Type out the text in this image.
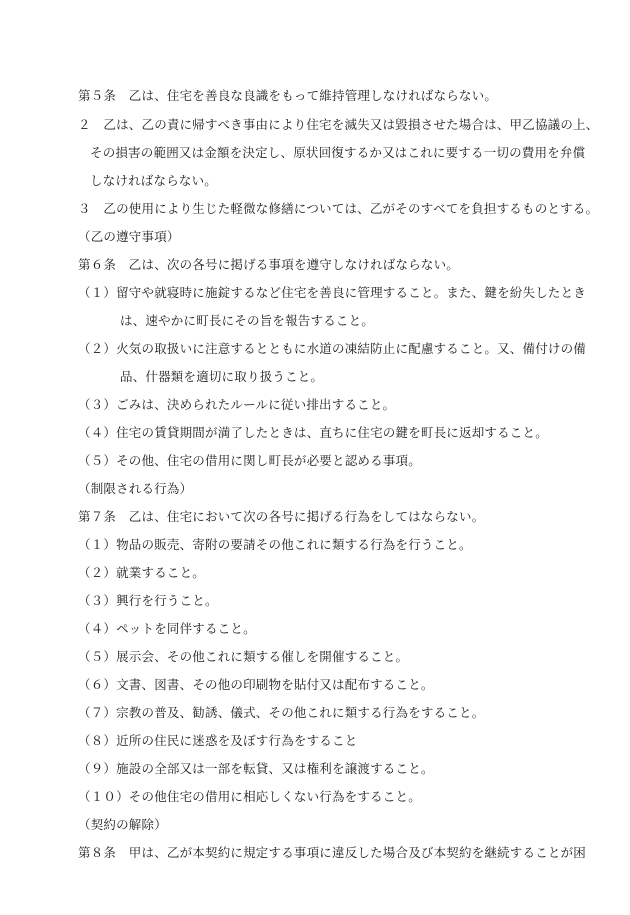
第５条　乙は、住宅を善良な良識をもって維持管理しなければならない。
２　乙は、乙の責に帰すべき事由により住宅を滅失又は毀損させた場合は、甲乙協議の上、
その損害の範囲又は金額を決定し、原状回復するか又はこれに要する一切の費用を弁償
しなければならない。
３　乙の使用により生じた軽微な修繕については、乙がそのすべてを負担するものとする。
（乙の遵守事項）
第６条　乙は、次の各号に掲げる事項を遵守しなければならない。
（１）留守や就寝時に施錠するなど住宅を善良に管理すること。また、鍵を紛失したとき
は、速やかに町長にその旨を報告すること。
（２）火気の取扱いに注意するとともに水道の凍結防止に配慮すること。又、備付けの備
品、什器類を適切に取り扱うこと。
（３）ごみは、決められたルールに従い排出すること。
（４）住宅の賃貸期間が満了したときは、直ちに住宅の鍵を町長に返却すること。
（５）その他、住宅の借用に関し町長が必要と認める事項。
（制限される行為）
第７条　乙は、住宅において次の各号に掲げる行為をしてはならない。
（１）物品の販売、寄附の要請その他これに類する行為を行うこと。
（２）就業すること。
（３）興行を行うこと。
（４）ペットを同伴すること。
（５）展示会、その他これに類する催しを開催すること。
（６）文書、図書、その他の印刷物を貼付又は配布すること。
（７）宗教の普及、勧誘、儀式、その他これに類する行為をすること。
（８）近所の住民に迷惑を及ぼす行為をすること
（９）施設の全部又は一部を転貸、又は権利を譲渡すること。
（１０）その他住宅の借用に相応しくない行為をすること。
（契約の解除）
第８条　甲は、乙が本契約に規定する事項に違反した場合及び本契約を継続することが困
